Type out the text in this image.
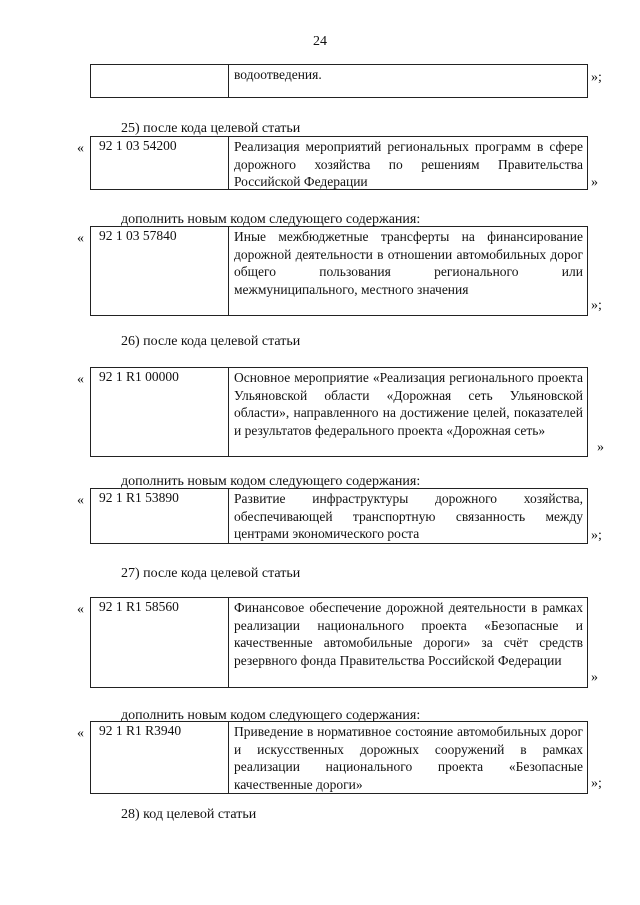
24
водоотведения.	»;
25) после кода целевой статьи
«	92 1 03 54200	Реализация мероприятий региональных программ в сфере дорожного хозяйства по решениям Правительства Российской Федерации	»
дополнить новым кодом следующего содержания:
«	92 1 03 57840	Иные межбюджетные трансферты на финансирование дорожной деятельности в отношении автомобильных дорог общего пользования регионального или межмуниципального, местного значения
»;
26) после кода целевой статьи
«	92 1 R1 00000	Основное мероприятие «Реализация регионального проекта Ульяновской области «Дорожная сеть Ульяновской области», направленного на достижение целей, показателей и результатов федерального проекта «Дорожная сеть»
»
дополнить новым кодом следующего содержания:
«	92 1 R1 53890	Развитие инфраструктуры дорожного хозяйства, обеспечивающей транспортную связанность между центрами экономического роста	»;
27) после кода целевой статьи
«	92 1 R1 58560	Финансовое обеспечение дорожной деятельности в рамках реализации национального проекта «Безопасные и качественные автомобильные дороги» за счёт средств резервного фонда Правительства Российской Федерации
»
дополнить новым кодом следующего содержания:
«	92 1 R1 R3940	Приведение в нормативное состояние автомобильных дорог и искусственных дорожных сооружений в рамках реализации национального проекта «Безопасные качественные дороги»	»;
28) код целевой статьи
